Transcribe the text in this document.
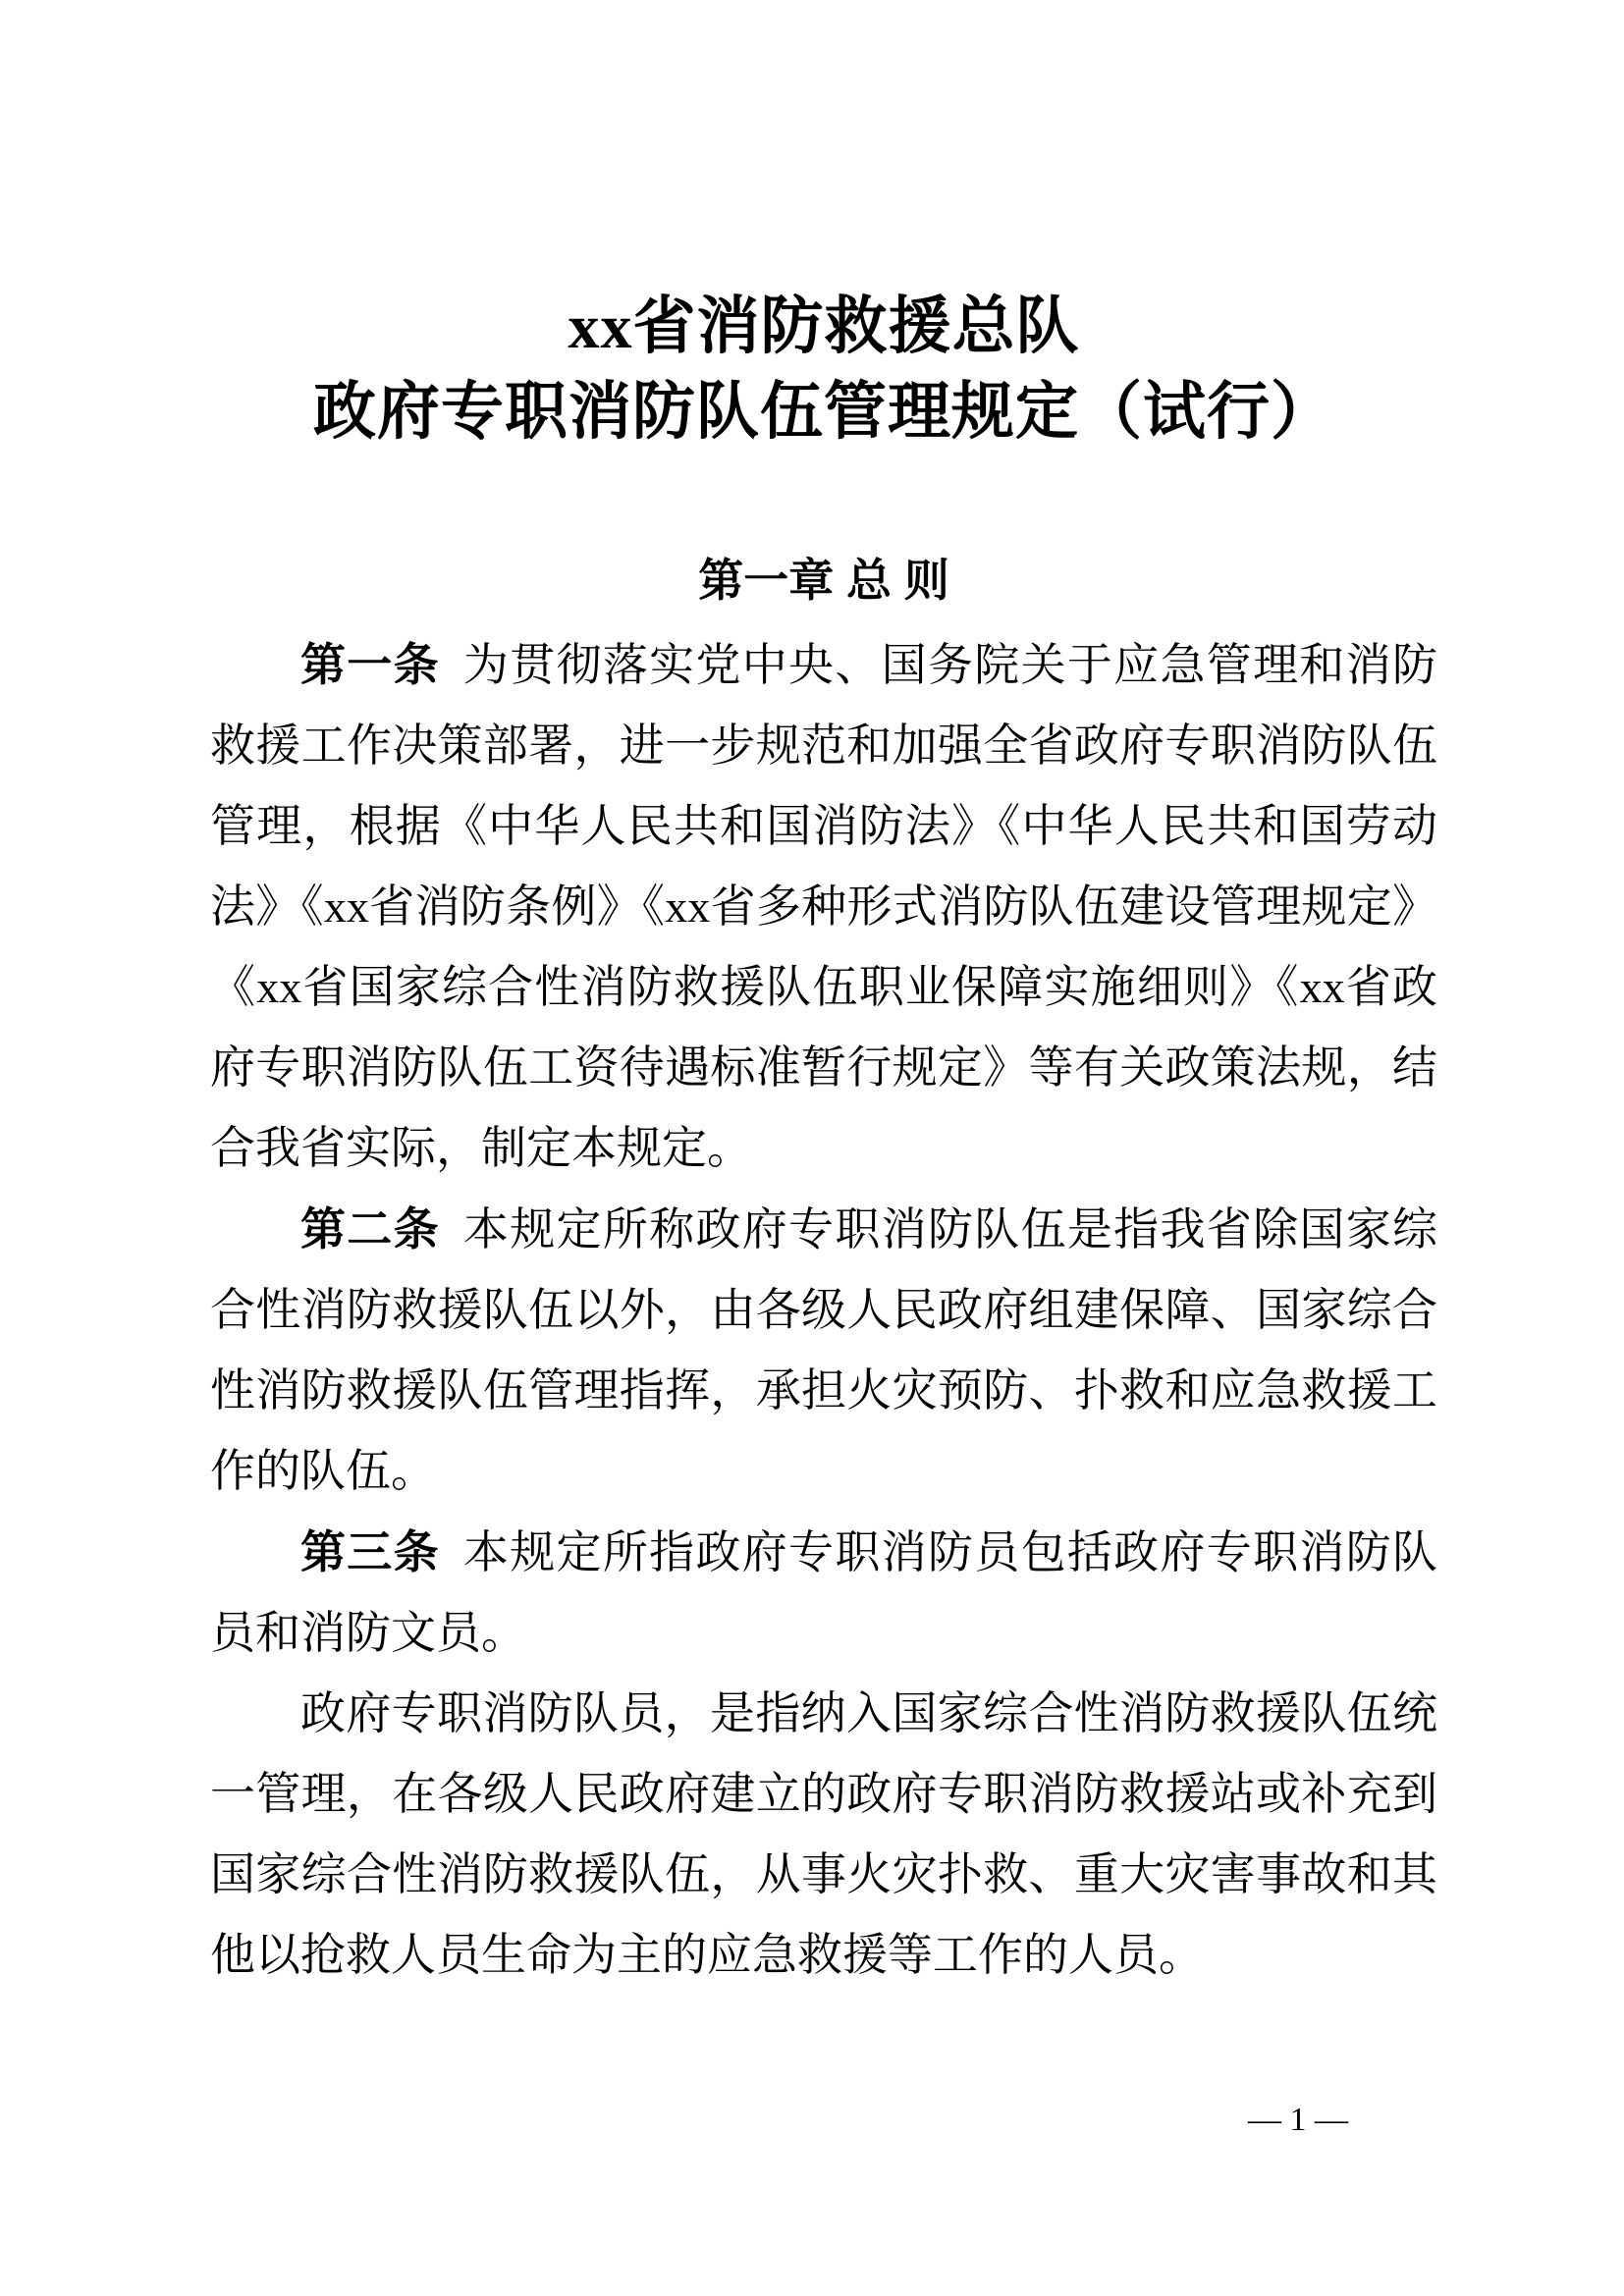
xx省消防救援总队
政府专职消防队伍管理规定（试行）
第一章 总 则

第一条 为贯彻落实党中央、国务院关于应急管理和消防救援工作决策部署，进一步规范和加强全省政府专职消防队伍管理，根据《中华人民共和国消防法》《中华人民共和国劳动法》《xx省消防条例》《xx省多种形式消防队伍建设管理规定》《xx省国家综合性消防救援队伍职业保障实施细则》《xx省政府专职消防队伍工资待遇标准暂行规定》等有关政策法规，结合我省实际，制定本规定。

第二条 本规定所称政府专职消防队伍是指我省除国家综合性消防救援队伍以外，由各级人民政府组建保障、国家综合性消防救援队伍管理指挥，承担火灾预防、扑救和应急救援工作的队伍。

第三条 本规定所指政府专职消防员包括政府专职消防队员和消防文员。

政府专职消防队员，是指纳入国家综合性消防救援队伍统一管理，在各级人民政府建立的政府专职消防救援站或补充到国家综合性消防救援队伍，从事火灾扑救、重大灾害事故和其他以抢救人员生命为主的应急救援等工作的人员。

— 1 —
